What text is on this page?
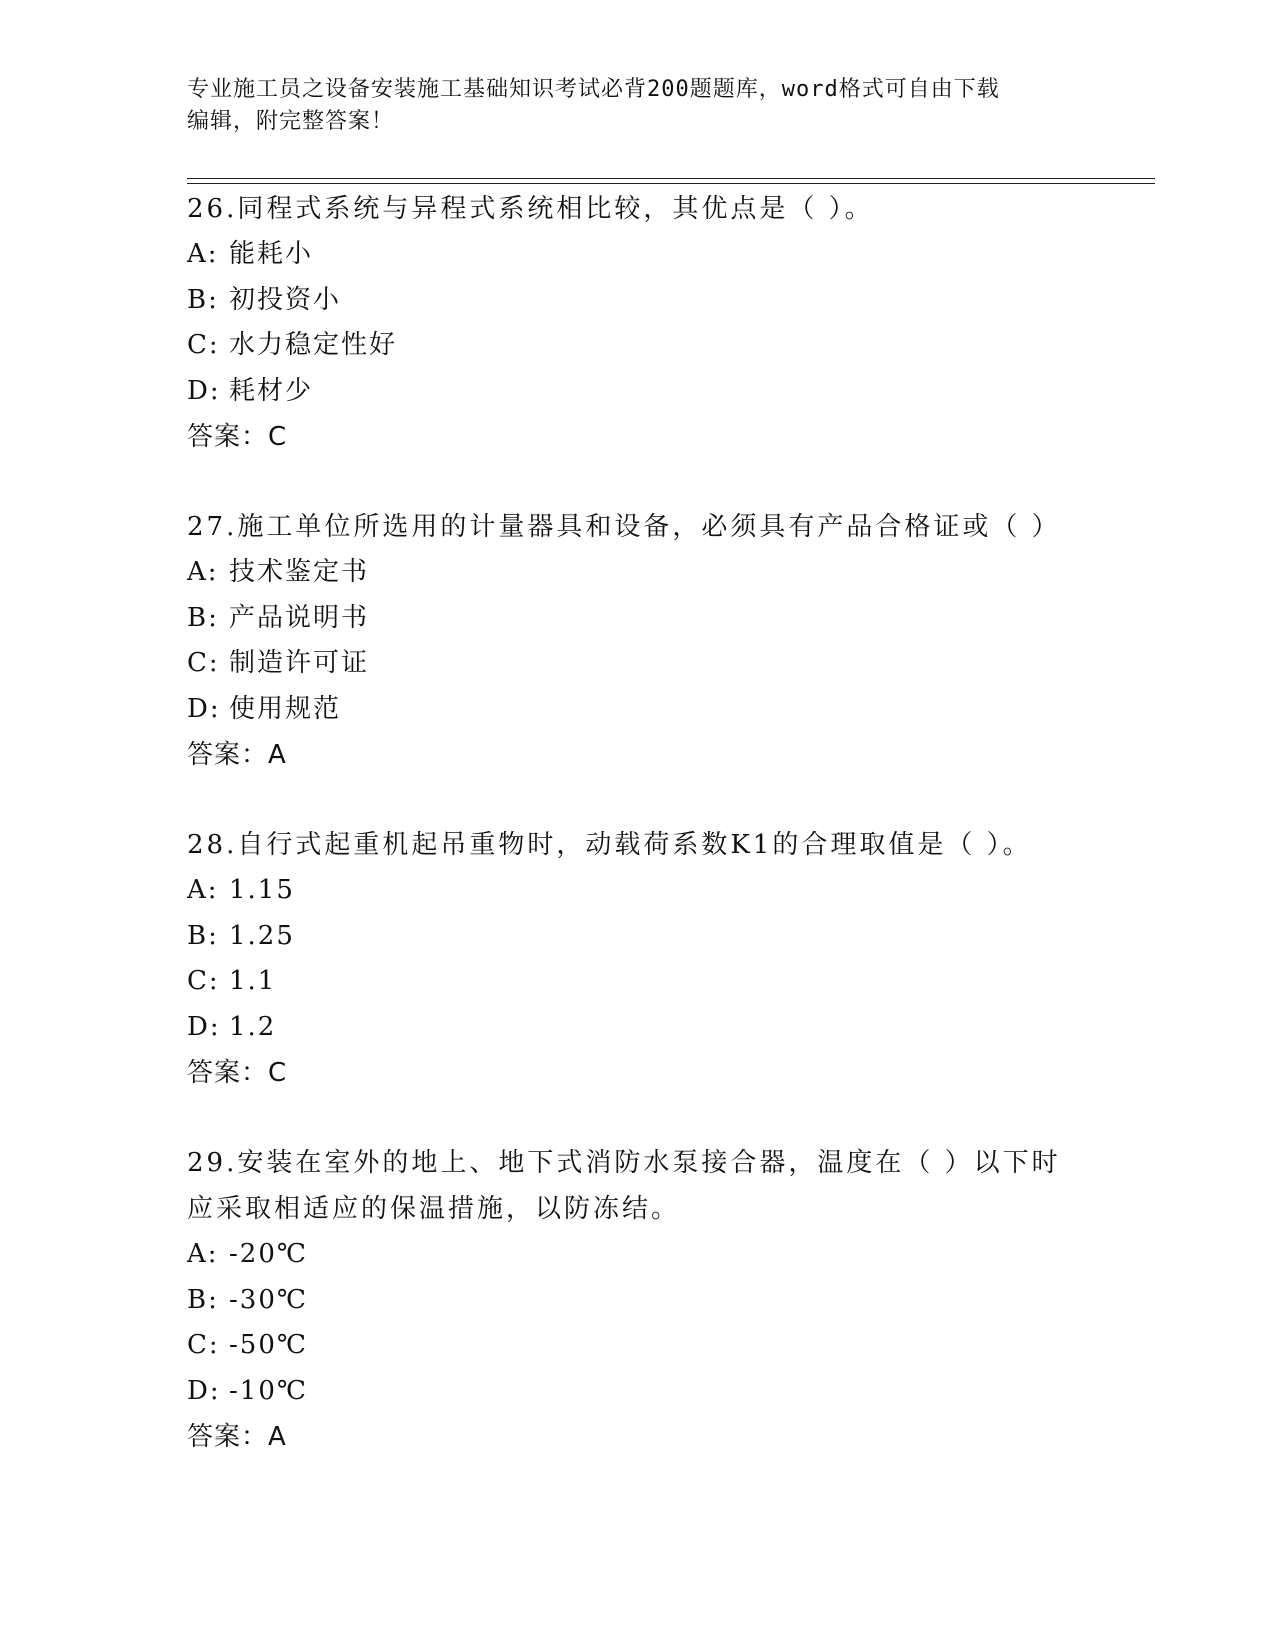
专业施工员之设备安装施工基础知识考试必背200题题库，word格式可自由下载
编辑，附完整答案！
26.同程式系统与异程式系统相比较，其优点是（ ）。
A: 能耗小
B: 初投资小
C: 水力稳定性好
D: 耗材少
答案：C
27.施工单位所选用的计量器具和设备，必须具有产品合格证或（ ）
A: 技术鉴定书
B: 产品说明书
C: 制造许可证
D: 使用规范
答案：A
28.自行式起重机起吊重物时，动载荷系数K1的合理取值是（ ）。
A: 1.15
B: 1.25
C: 1.1
D: 1.2
答案：C
29.安装在室外的地上、地下式消防水泵接合器，温度在（ ）以下时应采取相适应的保温措施，以防冻结。
A: -20℃
B: -30℃
C: -50℃
D: -10℃
答案：A
